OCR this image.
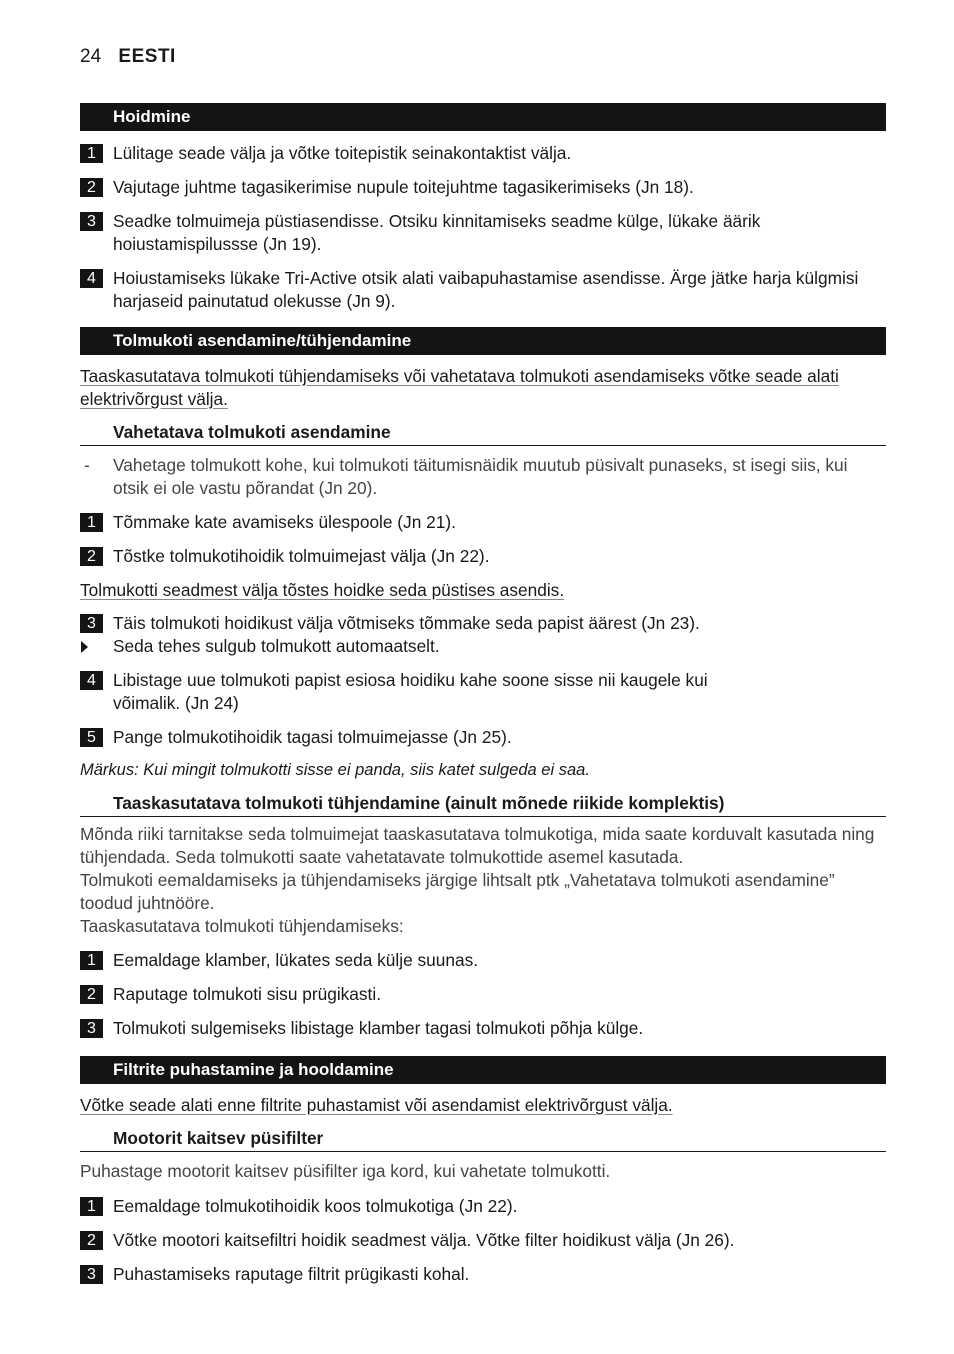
24 EESTI
Hoidmine
1 Lülitage seade välja ja võtke toitepistik seinakontaktist välja.
2 Vajutage juhtme tagasikerimise nupule toitejuhtme tagasikerimiseks (Jn 18).
3 Seadke tolmuimeja püstiasendisse. Otsiku kinnitamiseks seadme külge, lükake äärik hoiustamispilussse (Jn 19).
4 Hoiustamiseks lükake Tri-Active otsik alati vaibapuhastamise asendisse. Ärge jätke harja külgmisi harjaseid painutatud olekusse (Jn 9).
Tolmukoti asendamine/tühjendamine
Taaskasutatava tolmukoti tühjendamiseks või vahetatava tolmukoti asendamiseks võtke seade alati elektrivõrgust välja.
Vahetatava tolmukoti asendamine
- Vahetage tolmukott kohe, kui tolmukoti täitumisnäidik muutub püsivalt punaseks, st isegi siis, kui otsik ei ole vastu põrandat (Jn 20).
1 Tõmmake kate avamiseks ülespoole (Jn 21).
2 Tõstke tolmukotihoidik tolmuimejast välja (Jn 22).
Tolmukotti seadmest välja tõstes hoidke seda püstises asendis.
3 Täis tolmukoti hoidikust välja võtmiseks tõmmake seda papist äärest (Jn 23).
Seda tehes sulgub tolmukott automaatselt.
4 Libistage uue tolmukoti papist esiosa hoidiku kahe soone sisse nii kaugele kui võimalik. (Jn 24)
5 Pange tolmukotihoidik tagasi tolmuimejasse (Jn 25).
Märkus: Kui mingit tolmukotti sisse ei panda, siis katet sulgeda ei saa.
Taaskasutatava tolmukoti tühjendamine (ainult mõnede riikide komplektis)
Mõnda riiki tarnitakse seda tolmuimejat taaskasutatava tolmukotiga, mida saate korduvalt kasutada ning tühjendada. Seda tolmukotti saate vahetatavate tolmukottide asemel kasutada.
Tolmukoti eemaldamiseks ja tühjendamiseks järgige lihtsalt ptk „Vahetatava tolmukoti asendamine” toodud juhtnööre.
Taaskasutatava tolmukoti tühjendamiseks:
1 Eemaldage klamber, lükates seda külje suunas.
2 Raputage tolmukoti sisu prügikasti.
3 Tolmukoti sulgemiseks libistage klamber tagasi tolmukoti põhja külge.
Filtrite puhastamine ja hooldamine
Võtke seade alati enne filtrite puhastamist või asendamist elektrivõrgust välja.
Mootorit kaitsev püsifilter
Puhastage mootorit kaitsev püsifilter iga kord, kui vahetate tolmukotti.
1 Eemaldage tolmukotihoidik koos tolmukotiga (Jn 22).
2 Võtke mootori kaitsefiltri hoidik seadmest välja. Võtke filter hoidikust välja (Jn 26).
3 Puhastamiseks raputage filtrit prügikasti kohal.
